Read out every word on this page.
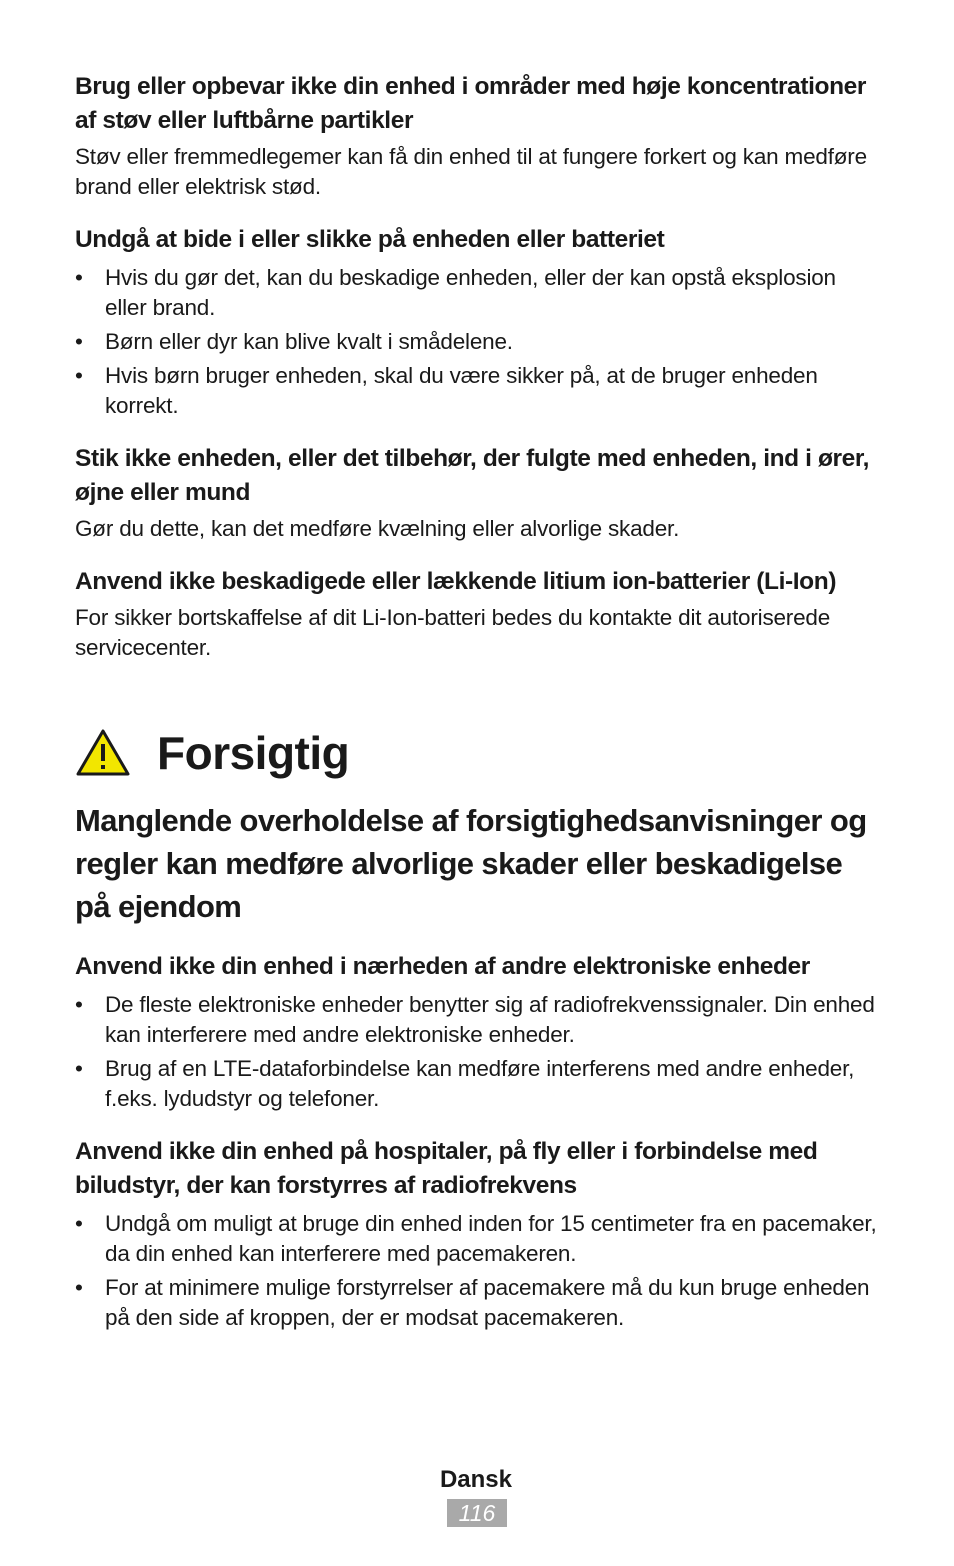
Brug eller opbevar ikke din enhed i områder med høje koncentrationer af støv eller luftbårne partikler

Støv eller fremmedlegemer kan få din enhed til at fungere forkert og kan medføre brand eller elektrisk stød.

Undgå at bide i eller slikke på enheden eller batteriet
• Hvis du gør det, kan du beskadige enheden, eller der kan opstå eksplosion eller brand.
• Børn eller dyr kan blive kvalt i smådelene.
• Hvis børn bruger enheden, skal du være sikker på, at de bruger enheden korrekt.
Stik ikke enheden, eller det tilbehør, der fulgte med enheden, ind i ører, øjne eller mund

Gør du dette, kan det medføre kvælning eller alvorlige skader.

Anvend ikke beskadigede eller lækkende litium ion-batterier (Li-Ion)

For sikker bortskaffelse af dit Li-Ion-batteri bedes du kontakte dit autoriserede servicecenter.

Forsigtig
Manglende overholdelse af forsigtighedsanvisninger og regler kan medføre alvorlige skader eller beskadigelse på ejendom
Anvend ikke din enhed i nærheden af andre elektroniske enheder
• De fleste elektroniske enheder benytter sig af radiofrekvenssignaler. Din enhed kan interferere med andre elektroniske enheder.
• Brug af en LTE-dataforbindelse kan medføre interferens med andre enheder, f.eks. lydudstyr og telefoner.
Anvend ikke din enhed på hospitaler, på fly eller i forbindelse med biludstyr, der kan forstyrres af radiofrekvens
• Undgå om muligt at bruge din enhed inden for 15 centimeter fra en pacemaker, da din enhed kan interferere med pacemakeren.
• For at minimere mulige forstyrrelser af pacemakere må du kun bruge enheden på den side af kroppen, der er modsat pacemakeren.
Dansk
116
